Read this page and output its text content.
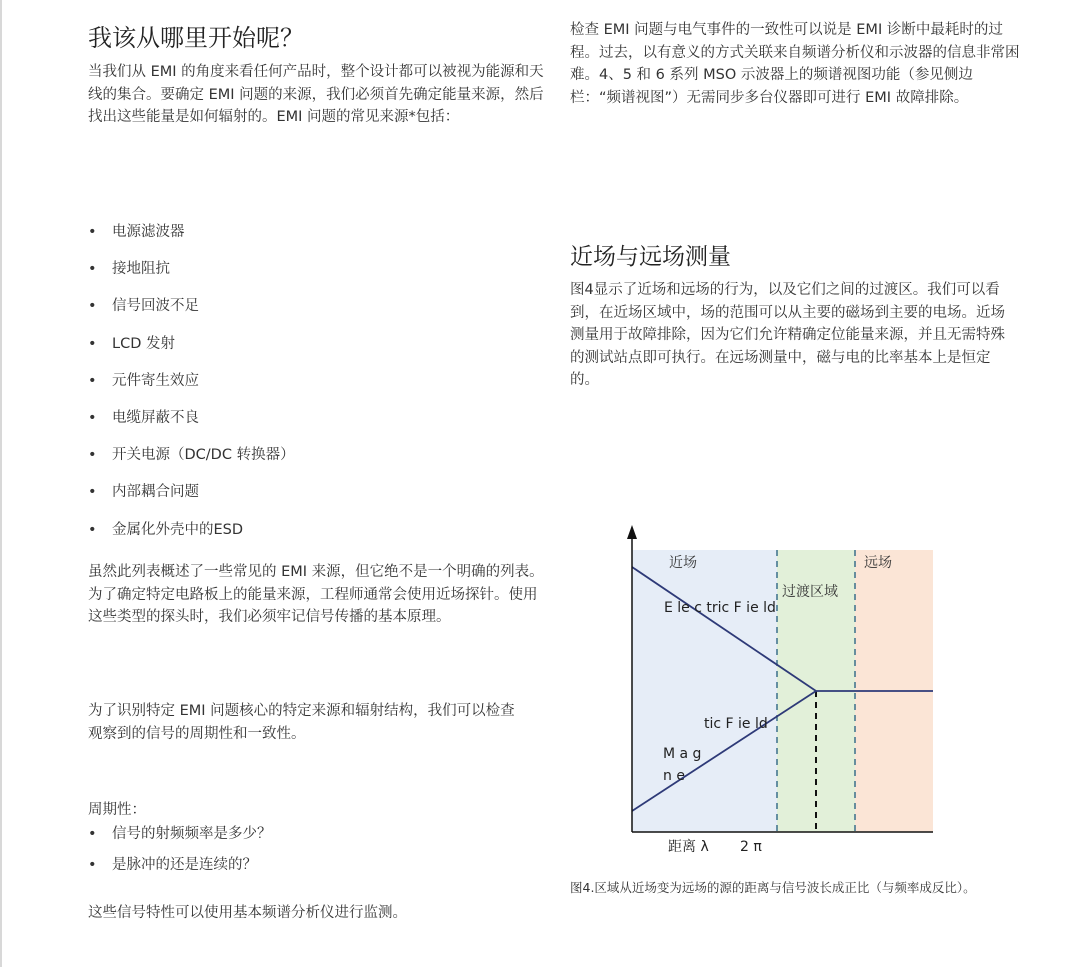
我该从哪里开始呢？

当我们从 EMI 的角度来看任何产品时，整个设计都可以被视为能源和天线的集合。要确定 EMI 问题的来源，我们必须首先确定能量来源，然后找出这些能量是如何辐射的。EMI 问题的常见来源*包括：

• 电源滤波器
• 接地阻抗
• 信号回波不足
• LCD 发射
• 元件寄生效应
• 电缆屏蔽不良
• 开关电源（DC/DC 转换器）
• 内部耦合问题
• 金属化外壳中的ESD

虽然此列表概述了一些常见的 EMI 来源，但它绝不是一个明确的列表。为了确定特定电路板上的能量来源，工程师通常会使用近场探针。使用这些类型的探头时，我们必须牢记信号传播的基本原理。

为了识别特定 EMI 问题核心的特定来源和辐射结构，我们可以检查观察到的信号的周期性和一致性。

周期性：

• 信号的射频频率是多少？
• 是脉冲的还是连续的？

这些信号特性可以使用基本频谱分析仪进行监测。

检查 EMI 问题与电气事件的一致性可以说是 EMI 诊断中最耗时的过程。过去，以有意义的方式关联来自频谱分析仪和示波器的信息非常困难。4、5 和 6 系列 MSO 示波器上的频谱视图功能（参见侧边栏：“频谱视图”）无需同步多台仪器即可进行 EMI 故障排除。

近场与远场测量

图4显示了近场和远场的行为，以及它们之间的过渡区。我们可以看到，在近场区域中，场的范围可以从主要的磁场到主要的电场。近场测量用于故障排除，因为它们允许精确定位能量来源，并且无需特殊的测试站点即可执行。在远场测量中，磁与电的比率基本上是恒定的。

近场
过渡区域
远场
E le c tric F ie ld
tic F ie ld
M a g
n e
距离 λ 2 π

图4.区域从近场变为远场的源的距离与信号波长成正比（与频率成反比）。
